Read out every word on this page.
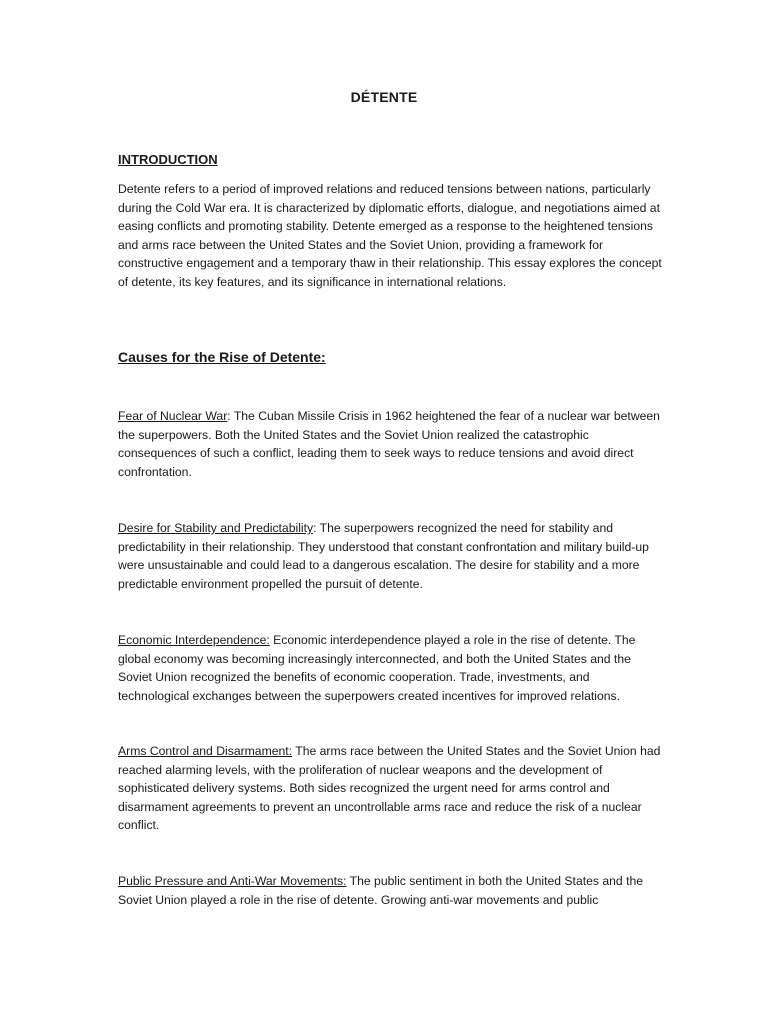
DÉTENTE
INTRODUCTION

Detente refers to a period of improved relations and reduced tensions between nations, particularly during the Cold War era. It is characterized by diplomatic efforts, dialogue, and negotiations aimed at easing conflicts and promoting stability. Detente emerged as a response to the heightened tensions and arms race between the United States and the Soviet Union, providing a framework for constructive engagement and a temporary thaw in their relationship. This essay explores the concept of detente, its key features, and its significance in international relations.

Causes for the Rise of Detente:

Fear of Nuclear War: The Cuban Missile Crisis in 1962 heightened the fear of a nuclear war between the superpowers. Both the United States and the Soviet Union realized the catastrophic consequences of such a conflict, leading them to seek ways to reduce tensions and avoid direct confrontation.

Desire for Stability and Predictability: The superpowers recognized the need for stability and predictability in their relationship. They understood that constant confrontation and military build-up were unsustainable and could lead to a dangerous escalation. The desire for stability and a more predictable environment propelled the pursuit of detente.

Economic Interdependence: Economic interdependence played a role in the rise of detente. The global economy was becoming increasingly interconnected, and both the United States and the Soviet Union recognized the benefits of economic cooperation. Trade, investments, and technological exchanges between the superpowers created incentives for improved relations.

Arms Control and Disarmament: The arms race between the United States and the Soviet Union had reached alarming levels, with the proliferation of nuclear weapons and the development of sophisticated delivery systems. Both sides recognized the urgent need for arms control and disarmament agreements to prevent an uncontrollable arms race and reduce the risk of a nuclear conflict.

Public Pressure and Anti-War Movements: The public sentiment in both the United States and the Soviet Union played a role in the rise of detente. Growing anti-war movements and public
